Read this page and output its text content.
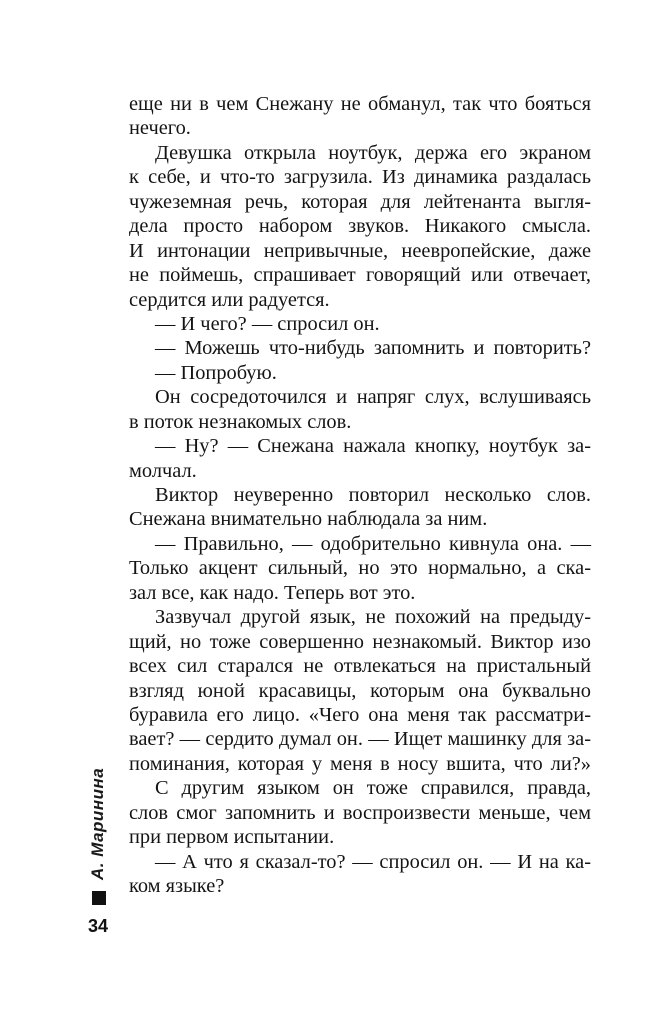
еще ни в чем Снежану не обманул, так что бояться
нечего.
Девушка открыла ноутбук, держа его экраном
к себе, и что-то загрузила. Из динамика раздалась
чужеземная речь, которая для лейтенанта выгля-
дела просто набором звуков. Никакого смысла.
И интонации непривычные, неевропейские, даже
не поймешь, спрашивает говорящий или отвечает,
сердится или радуется.
— И чего? — спросил он.
— Можешь что-нибудь запомнить и повторить?
— Попробую.
Он сосредоточился и напряг слух, вслушиваясь
в поток незнакомых слов.
— Ну? — Снежана нажала кнопку, ноутбук за-
молчал.
Виктор неуверенно повторил несколько слов.
Снежана внимательно наблюдала за ним.
— Правильно, — одобрительно кивнула она. —
Только акцент сильный, но это нормально, а ска-
зал все, как надо. Теперь вот это.
Зазвучал другой язык, не похожий на предыду-
щий, но тоже совершенно незнакомый. Виктор изо
всех сил старался не отвлекаться на пристальный
взгляд юной красавицы, которым она буквально
буравила его лицо. «Чего она меня так рассматри-
вает? — сердито думал он. — Ищет машинку для за-
поминания, которая у меня в носу вшита, что ли?»
С другим языком он тоже справился, правда,
слов смог запомнить и воспроизвести меньше, чем
при первом испытании.
— А что я сказал-то? — спросил он. — И на ка-
ком языке?
А. Маринина
34
